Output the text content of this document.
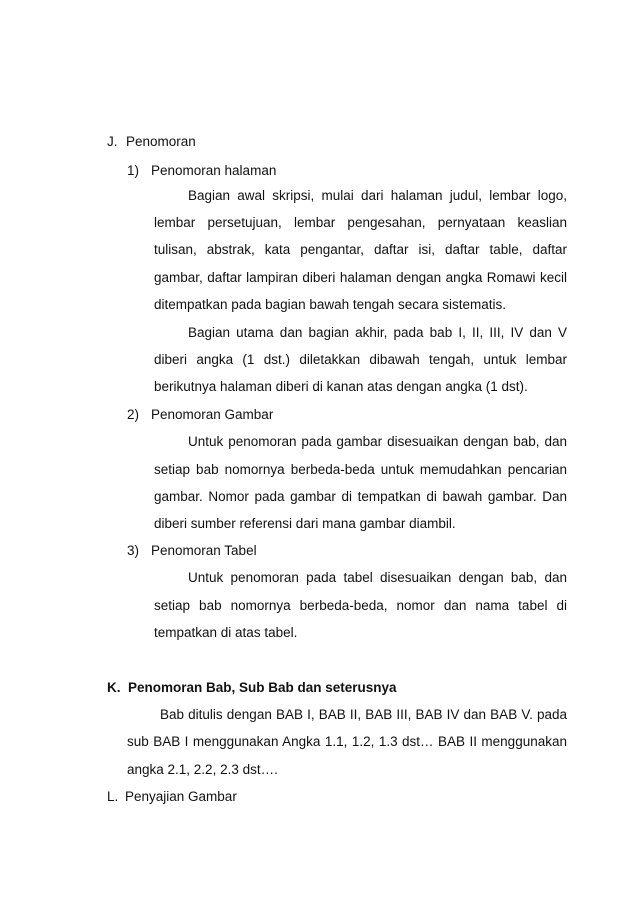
J. Penomoran
1) Penomoran halaman
Bagian awal skripsi, mulai dari halaman judul, lembar logo,
lembar persetujuan, lembar pengesahan, pernyataan keaslian
tulisan, abstrak, kata pengantar, daftar isi, daftar table, daftar
gambar, daftar lampiran diberi halaman dengan angka Romawi kecil
ditempatkan pada bagian bawah tengah secara sistematis.
Bagian utama dan bagian akhir, pada bab I, II, III, IV dan V
diberi angka (1 dst.) diletakkan dibawah tengah, untuk lembar
berikutnya halaman diberi di kanan atas dengan angka (1 dst).
2) Penomoran Gambar
Untuk penomoran pada gambar disesuaikan dengan bab, dan
setiap bab nomornya berbeda-beda untuk memudahkan pencarian
gambar. Nomor pada gambar di tempatkan di bawah gambar. Dan
diberi sumber referensi dari mana gambar diambil.
3) Penomoran Tabel
Untuk penomoran pada tabel disesuaikan dengan bab, dan
setiap bab nomornya berbeda-beda, nomor dan nama tabel di
tempatkan di atas tabel.
K. Penomoran Bab, Sub Bab dan seterusnya
Bab ditulis dengan BAB I, BAB II, BAB III, BAB IV dan BAB V. pada
sub BAB I menggunakan Angka 1.1, 1.2, 1.3 dst… BAB II menggunakan
angka 2.1, 2.2, 2.3 dst….
L. Penyajian Gambar
